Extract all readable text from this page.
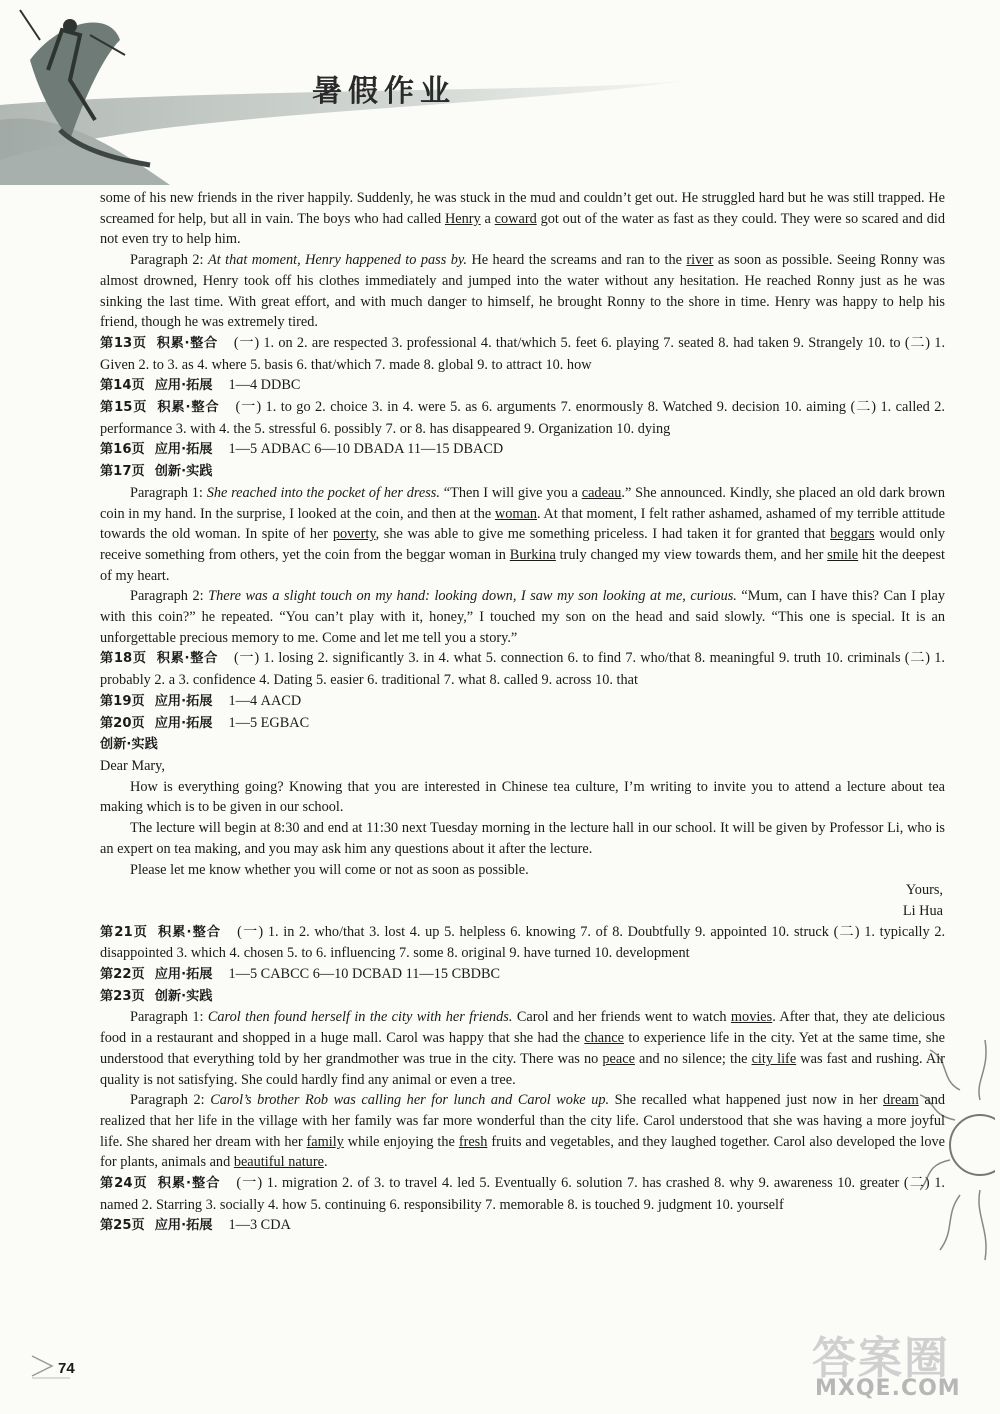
暑假作业

some of his new friends in the river happily. Suddenly, he was stuck in the mud and couldn’t get out. He struggled hard but he was still trapped. He screamed for help, but all in vain. The boys who had called Henry a coward got out of the water as fast as they could. They were so scared and did not even try to help him.

Paragraph 2: At that moment, Henry happened to pass by. He heard the screams and ran to the river as soon as possible. Seeing Ronny was almost drowned, Henry took off his clothes immediately and jumped into the water without any hesitation. He reached Ronny just as he was sinking the last time. With great effort, and with much danger to himself, he brought Ronny to the shore in time. Henry was happy to help his friend, though he was extremely tired.

第13页 积累·整合 (一) 1. on 2. are respected 3. professional 4. that/which 5. feet 6. playing 7. seated 8. had taken 9. Strangely 10. to (二) 1. Given 2. to 3. as 4. where 5. basis 6. that/which 7. made 8. global 9. to attract 10. how

第14页 应用·拓展 1—4 DDBC

第15页 积累·整合 (一) 1. to go 2. choice 3. in 4. were 5. as 6. arguments 7. enormously 8. Watched 9. decision 10. aiming (二) 1. called 2. performance 3. with 4. the 5. stressful 6. possibly 7. or 8. has disappeared 9. Organization 10. dying

第16页 应用·拓展 1—5 ADBAC 6—10 DBADA 11—15 DBACD

第17页 创新·实践

Paragraph 1: She reached into the pocket of her dress. “Then I will give you a cadeau.” She announced. Kindly, she placed an old dark brown coin in my hand. In the surprise, I looked at the coin, and then at the woman. At that moment, I felt rather ashamed, ashamed of my terrible attitude towards the old woman. In spite of her poverty, she was able to give me something priceless. I had taken it for granted that beggars would only receive something from others, yet the coin from the beggar woman in Burkina truly changed my view towards them, and her smile hit the deepest of my heart.

Paragraph 2: There was a slight touch on my hand: looking down, I saw my son looking at me, curious. “Mum, can I have this? Can I play with this coin?” he repeated. “You can’t play with it, honey,” I touched my son on the head and said slowly. “This one is special. It is an unforgettable precious memory to me. Come and let me tell you a story.”

第18页 积累·整合 (一) 1. losing 2. significantly 3. in 4. what 5. connection 6. to find 7. who/that 8. meaningful 9. truth 10. criminals (二) 1. probably 2. a 3. confidence 4. Dating 5. easier 6. traditional 7. what 8. called 9. across 10. that

第19页 应用·拓展 1—4 AACD

第20页 应用·拓展 1—5 EGBAC

创新·实践

Dear Mary,

How is everything going? Knowing that you are interested in Chinese tea culture, I’m writing to invite you to attend a lecture about tea making which is to be given in our school.

The lecture will begin at 8:30 and end at 11:30 next Tuesday morning in the lecture hall in our school. It will be given by Professor Li, who is an expert on tea making, and you may ask him any questions about it after the lecture.

Please let me know whether you will come or not as soon as possible.

Yours,

Li Hua

第21页 积累·整合 (一) 1. in 2. who/that 3. lost 4. up 5. helpless 6. knowing 7. of 8. Doubtfully 9. appointed 10. struck (二) 1. typically 2. disappointed 3. which 4. chosen 5. to 6. influencing 7. some 8. original 9. have turned 10. development

第22页 应用·拓展 1—5 CABCC 6—10 DCBAD 11—15 CBDBC

第23页 创新·实践

Paragraph 1: Carol then found herself in the city with her friends. Carol and her friends went to watch movies. After that, they ate delicious food in a restaurant and shopped in a huge mall. Carol was happy that she had the chance to experience life in the city. Yet at the same time, she understood that everything told by her grandmother was true in the city. There was no peace and no silence; the city life was fast and rushing. Air quality is not satisfying. She could hardly find any animal or even a tree.

Paragraph 2: Carol’s brother Rob was calling her for lunch and Carol woke up. She recalled what happened just now in her dream and realized that her life in the village with her family was far more wonderful than the city life. Carol understood that she was having a more joyful life. She shared her dream with her family while enjoying the fresh fruits and vegetables, and they laughed together. Carol also developed the love for plants, animals and beautiful nature.

第24页 积累·整合 (一) 1. migration 2. of 3. to travel 4. led 5. Eventually 6. solution 7. has crashed 8. why 9. awareness 10. greater (二) 1. named 2. Starring 3. socially 4. how 5. continuing 6. responsibility 7. memorable 8. is touched 9. judgment 10. yourself

第25页 应用·拓展 1—3 CDA

74	答案圈
MXQE.COM
